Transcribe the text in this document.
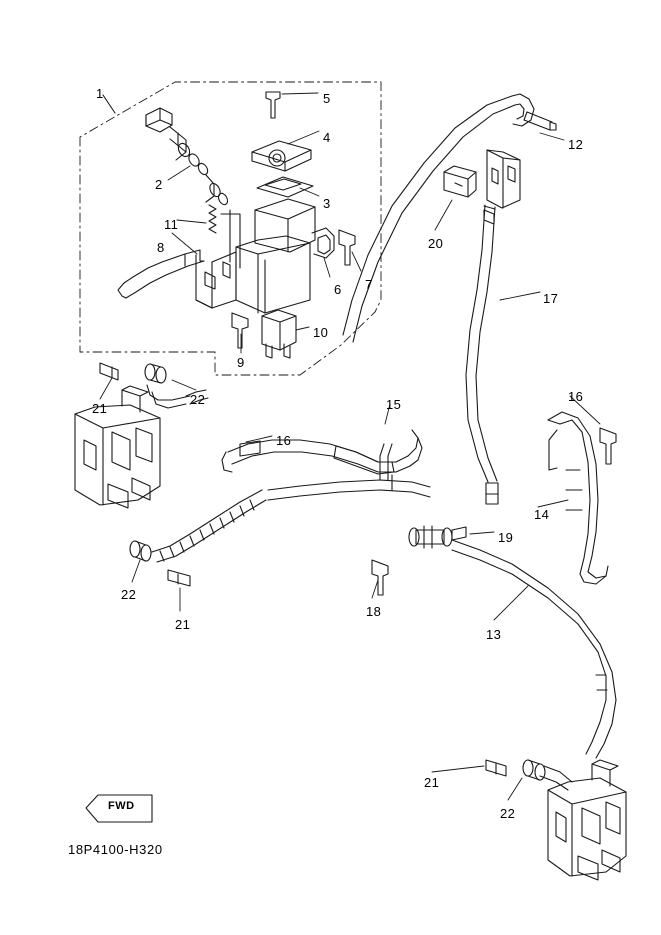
FWD
18P4100-H320
1	5
12
4
2
3
11
20
8
7
6
17
10
9
22	15
16
21
16
14
19
22
18
21
13
21
22
